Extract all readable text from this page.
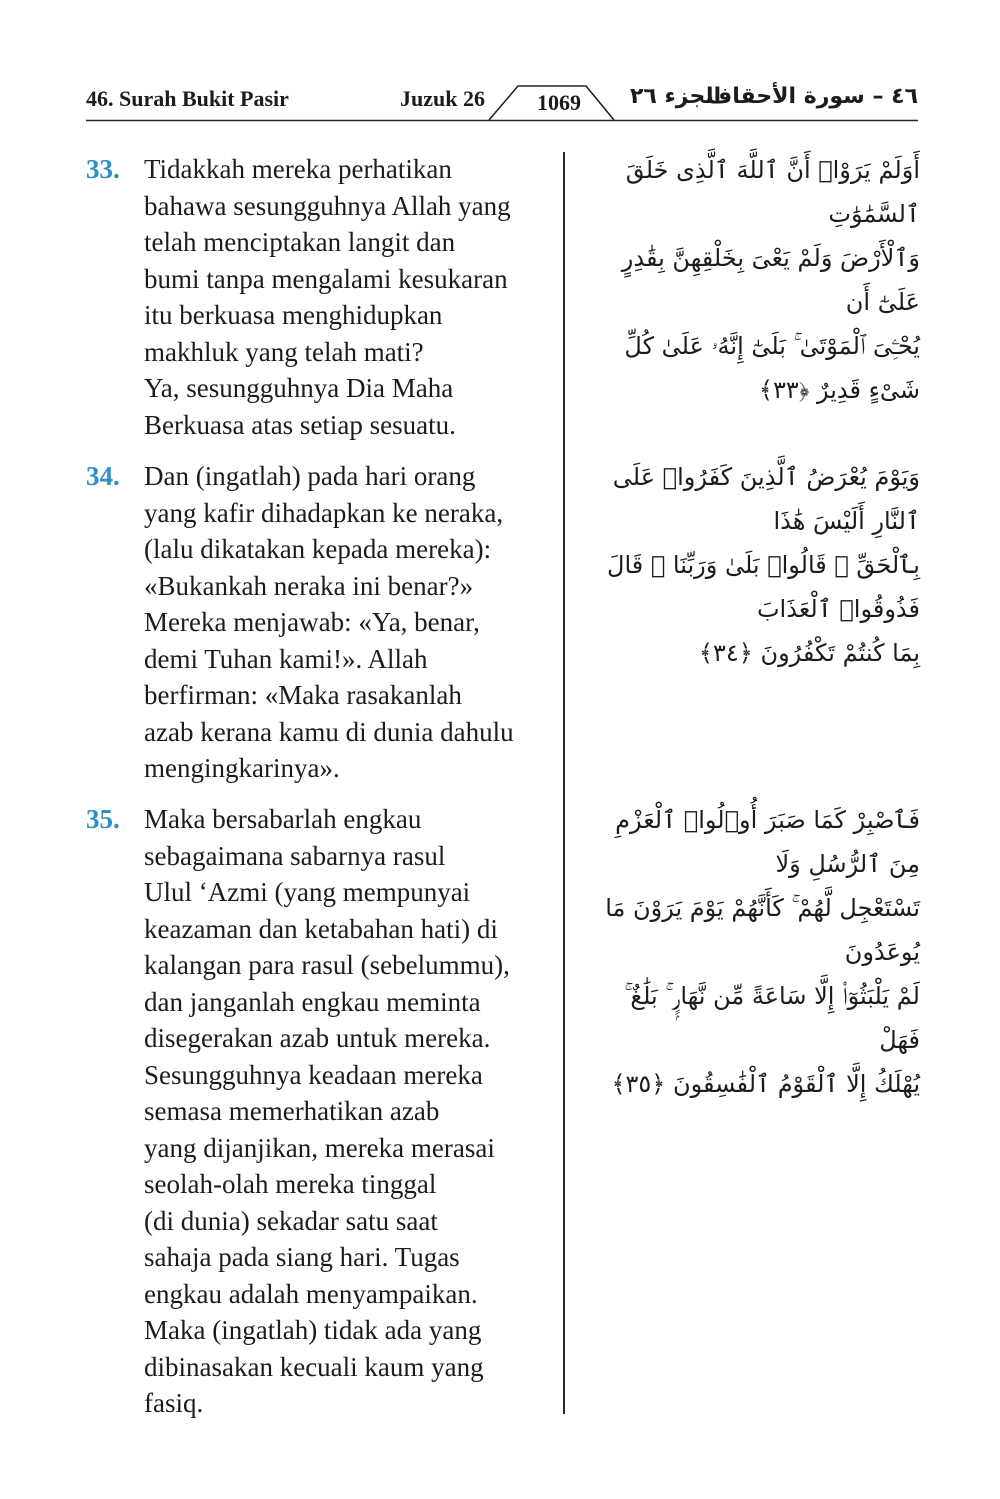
46. Surah Bukit Pasir	Juzuk 26 1069 الجزء ٢٦
٤٦ – سورة الأحقاف
33. Tidakkah mereka perhatikan
bahawa sesungguhnya Allah yang
telah menciptakan langit dan
bumi tanpa mengalami kesukaran
itu berkuasa menghidupkan
makhluk yang telah mati?
Ya, sesungguhnya Dia Maha
Berkuasa atas setiap sesuatu.
أَوَلَمْ يَرَوْا۟ أَنَّ ٱللَّهَ ٱلَّذِى خَلَقَ ٱلسَّمَٰوَٰتِ
وَٱلْأَرْضَ وَلَمْ يَعْىَ بِخَلْقِهِنَّ بِقَٰدِرٍ عَلَىٰٓ أَن
يُحْـِۧىَ ٱلْمَوْتَىٰ ۚ بَلَىٰٓ إِنَّهُۥ عَلَىٰ كُلِّ شَىْءٍ قَدِيرٌ ﴿٣٣﴾
34. Dan (ingatlah) pada hari orang
yang kafir dihadapkan ke neraka,
(lalu dikatakan kepada mereka):
«Bukankah neraka ini benar?»
Mereka menjawab: «Ya, benar,
demi Tuhan kami!». Allah
berfirman: «Maka rasakanlah
azab kerana kamu di dunia dahulu
mengingkarinya».
وَيَوْمَ يُعْرَضُ ٱلَّذِينَ كَفَرُوا۟ عَلَى ٱلنَّارِ أَلَيْسَ هَٰذَا
بِٱلْحَقِّ ۖ قَالُوا۟ بَلَىٰ وَرَبِّنَا ۚ قَالَ فَذُوقُوا۟ ٱلْعَذَابَ
بِمَا كُنتُمْ تَكْفُرُونَ ﴿٣٤﴾
35. Maka bersabarlah engkau
sebagaimana sabarnya rasul
Ulul ‘Azmi (yang mempunyai
keazaman dan ketabahan hati) di
kalangan para rasul (sebelummu),
dan janganlah engkau meminta
disegerakan azab untuk mereka.
Sesungguhnya keadaan mereka
semasa memerhatikan azab
yang dijanjikan, mereka merasai
seolah-olah mereka tinggal
(di dunia) sekadar satu saat
sahaja pada siang hari. Tugas
engkau adalah menyampaikan.
Maka (ingatlah) tidak ada yang
dibinasakan kecuali kaum yang
fasiq.
فَٱصْبِرْ كَمَا صَبَرَ أُو۟لُوا۟ ٱلْعَزْمِ مِنَ ٱلرُّسُلِ وَلَا
تَسْتَعْجِل لَّهُمْ ۚ كَأَنَّهُمْ يَوْمَ يَرَوْنَ مَا يُوعَدُونَ
لَمْ يَلْبَثُوٓا۟ إِلَّا سَاعَةً مِّن نَّهَارٍۭ ۚ بَلَٰغٌ ۚ فَهَلْ
يُهْلَكُ إِلَّا ٱلْقَوْمُ ٱلْفَٰسِقُونَ ﴿٣٥﴾
